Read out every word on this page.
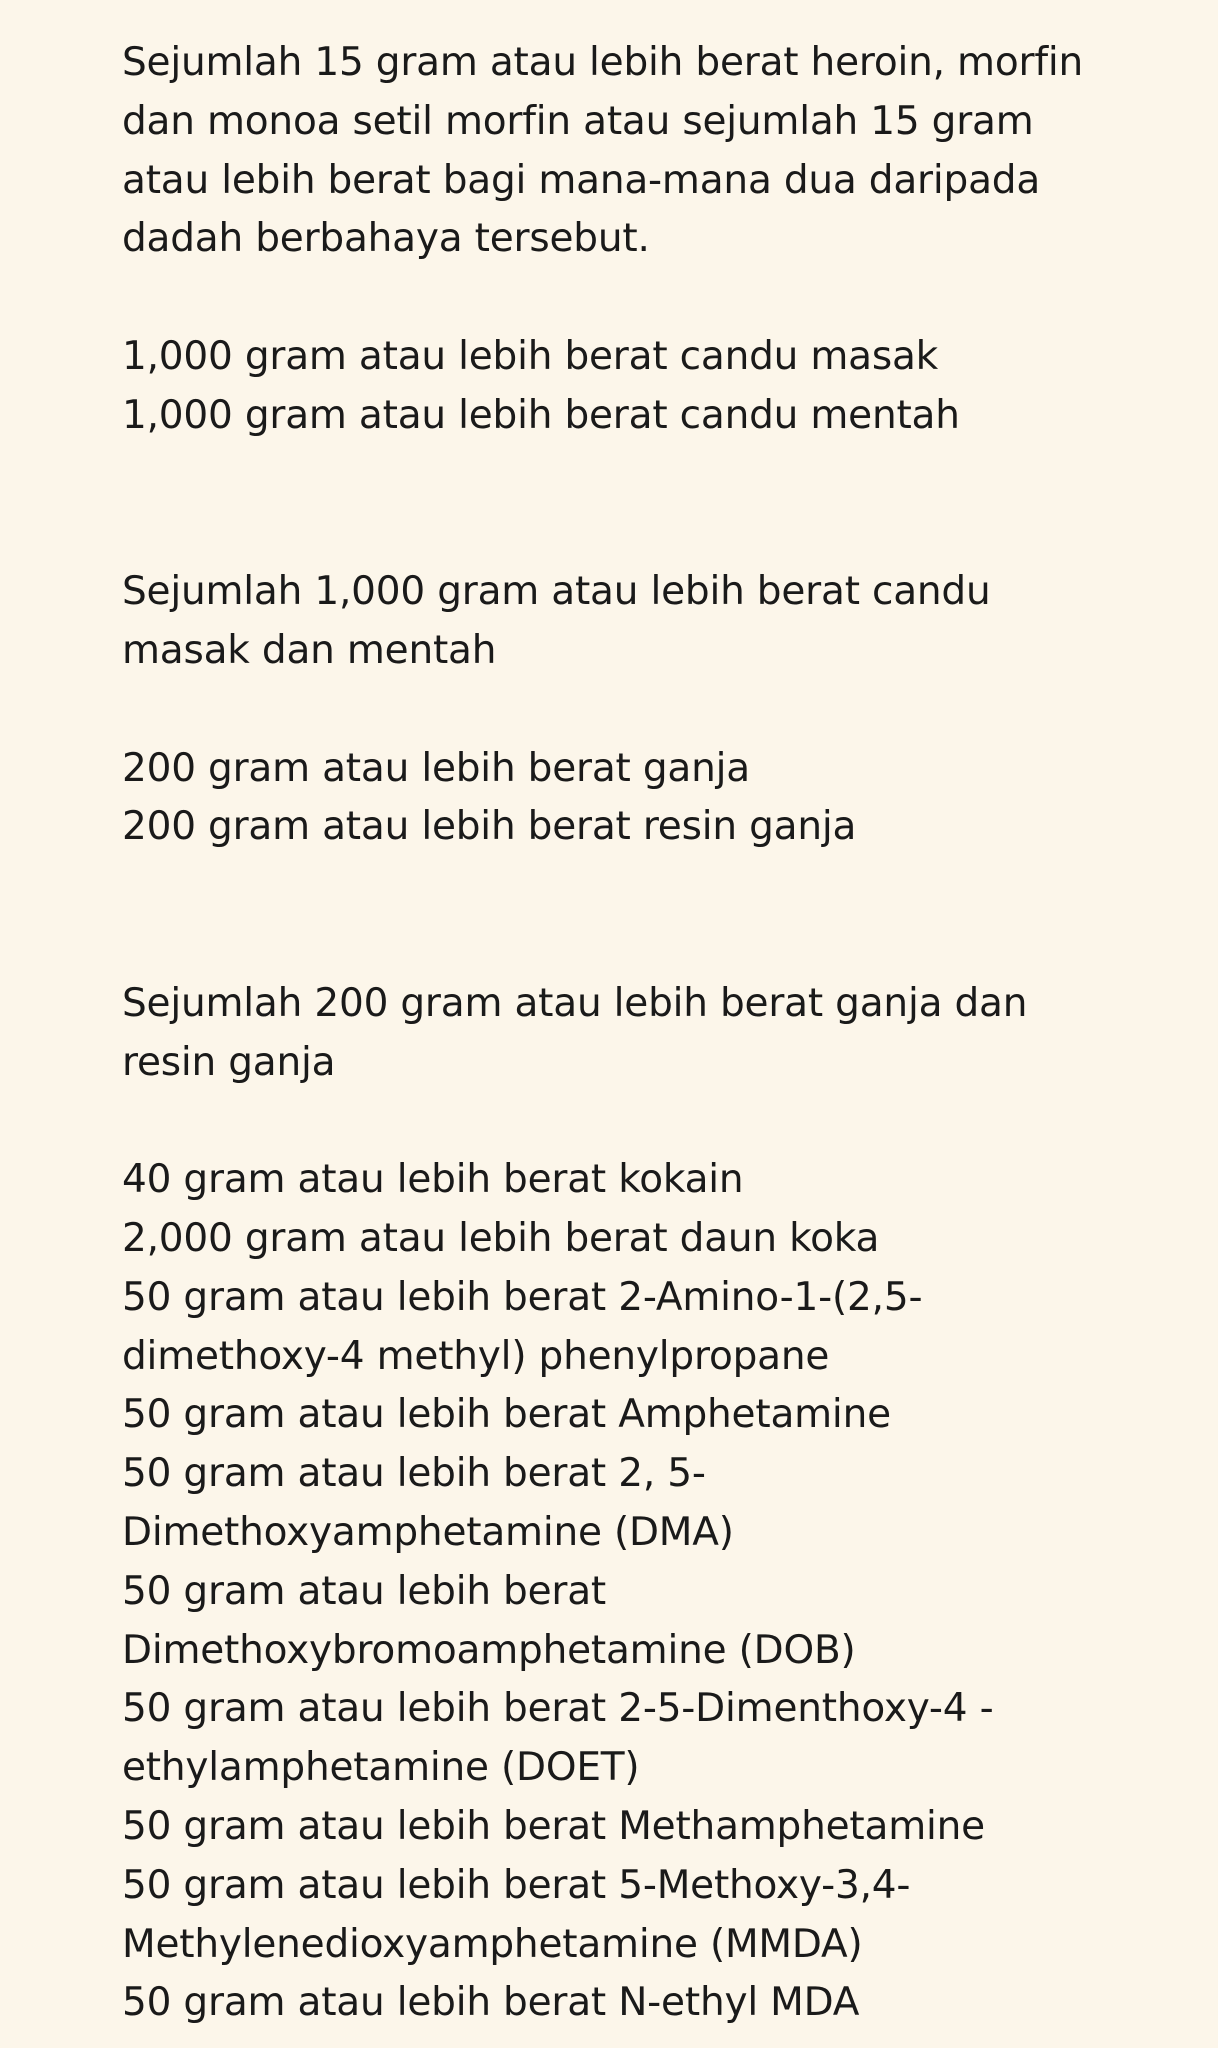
Sejumlah 15 gram atau lebih berat heroin, morfin
dan monoa setil morfin atau sejumlah 15 gram
atau lebih berat bagi mana-mana dua daripada
dadah berbahaya tersebut.
1,000 gram atau lebih berat candu masak
1,000 gram atau lebih berat candu mentah
Sejumlah 1,000 gram atau lebih berat candu
masak dan mentah
200 gram atau lebih berat ganja
200 gram atau lebih berat resin ganja
Sejumlah 200 gram atau lebih berat ganja dan
resin ganja
40 gram atau lebih berat kokain
2,000 gram atau lebih berat daun koka
50 gram atau lebih berat 2-Amino-1-(2,5-
dimethoxy-4 methyl) phenylpropane
50 gram atau lebih berat Amphetamine
50 gram atau lebih berat 2, 5-
Dimethoxyamphetamine (DMA)
50 gram atau lebih berat
Dimethoxybromoamphetamine (DOB)
50 gram atau lebih berat 2-5-Dimenthoxy-4 -
ethylamphetamine (DOET)
50 gram atau lebih berat Methamphetamine
50 gram atau lebih berat 5-Methoxy-3,4-
Methylenedioxyamphetamine (MMDA)
50 gram atau lebih berat N-ethyl MDA
